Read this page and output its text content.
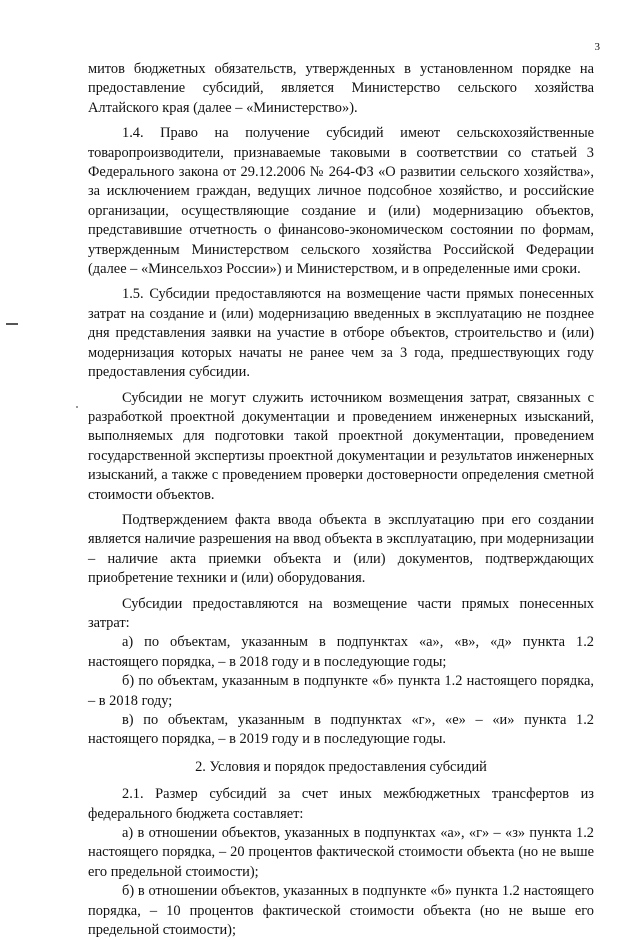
3

митов бюджетных обязательств, утвержденных в установленном порядке на предоставление субсидий, является Министерство сельского хозяйства Алтайского края (далее – «Министерство»).

1.4. Право на получение субсидий имеют сельскохозяйственные товаропроизводители, признаваемые таковыми в соответствии со статьей 3 Федерального закона от 29.12.2006 № 264-ФЗ «О развитии сельского хозяйства», за исключением граждан, ведущих личное подсобное хозяйство, и российские организации, осуществляющие создание и (или) модернизацию объектов, представившие отчетность о финансово-экономическом состоянии по формам, утвержденным Министерством сельского хозяйства Российской Федерации (далее – «Минсельхоз России») и Министерством, и в определенные ими сроки.

1.5. Субсидии предоставляются на возмещение части прямых понесенных затрат на создание и (или) модернизацию введенных в эксплуатацию не позднее дня представления заявки на участие в отборе объектов, строительство и (или) модернизация которых начаты не ранее чем за 3 года, предшествующих году предоставления субсидии.

Субсидии не могут служить источником возмещения затрат, связанных с разработкой проектной документации и проведением инженерных изысканий, выполняемых для подготовки такой проектной документации, проведением государственной экспертизы проектной документации и результатов инженерных изысканий, а также с проведением проверки достоверности определения сметной стоимости объектов.

Подтверждением факта ввода объекта в эксплуатацию при его создании является наличие разрешения на ввод объекта в эксплуатацию, при модернизации – наличие акта приемки объекта и (или) документов, подтверждающих приобретение техники и (или) оборудования.

Субсидии предоставляются на возмещение части прямых понесенных затрат:

а) по объектам, указанным в подпунктах «а», «в», «д» пункта 1.2 настоящего порядка, – в 2018 году и в последующие годы;

б) по объектам, указанным в подпункте «б» пункта 1.2 настоящего порядка, – в 2018 году;

в) по объектам, указанным в подпунктах «г», «е» – «и» пункта 1.2 настоящего порядка, – в 2019 году и в последующие годы.

2. Условия и порядок предоставления субсидий

2.1. Размер субсидий за счет иных межбюджетных трансфертов из федерального бюджета составляет:

а) в отношении объектов, указанных в подпунктах «а», «г» – «з» пункта 1.2 настоящего порядка, – 20 процентов фактической стоимости объекта (но не выше его предельной стоимости);

б) в отношении объектов, указанных в подпункте «б» пункта 1.2 настоящего порядка, – 10 процентов фактической стоимости объекта (но не выше его предельной стоимости);
